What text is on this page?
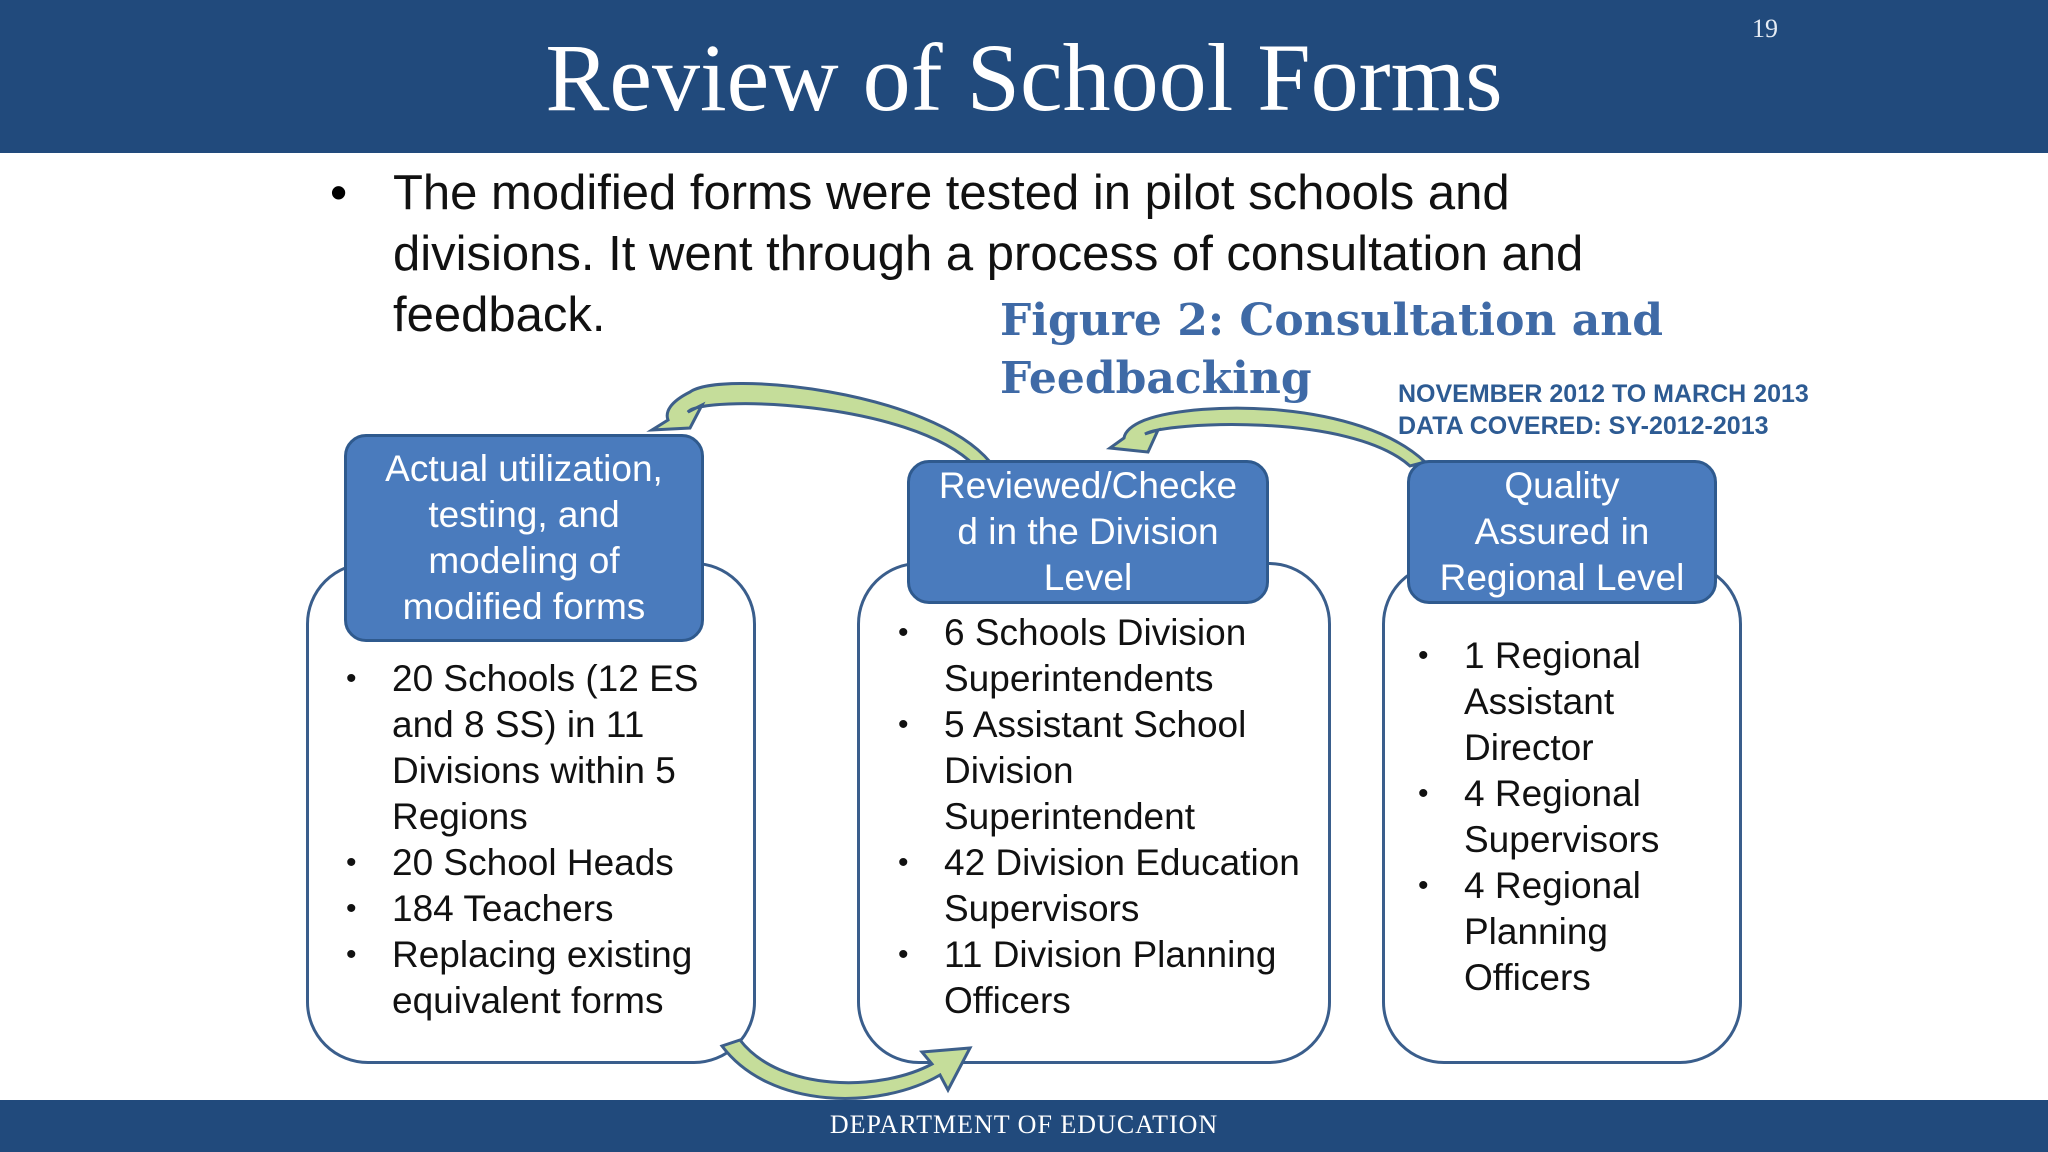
Review of School Forms	19
• The modified forms were tested in pilot schools and divisions. It went through a process of consultation and feedback.	Figure 2: Consultation and Feedbacking	NOVEMBER 2012 TO MARCH 2013
DATA COVERED: SY-2012-2013
Actual utilization,
testing, and
modeling of
modified forms
Reviewed/Checke
d in the Division
Level
Quality
Assured in
Regional Level
• 20 Schools (12 ES and 8 SS) in 11 Divisions within 5 Regions
• 20 School Heads
• 184 Teachers
• Replacing existing equivalent forms
• 6 Schools Division Superintendents
• 5 Assistant School Division Superintendent
• 42 Division Education Supervisors
• 11 Division Planning Officers
• 1 Regional Assistant Director
• 4 Regional Supervisors
• 4 Regional Planning Officers
DEPARTMENT OF EDUCATION
